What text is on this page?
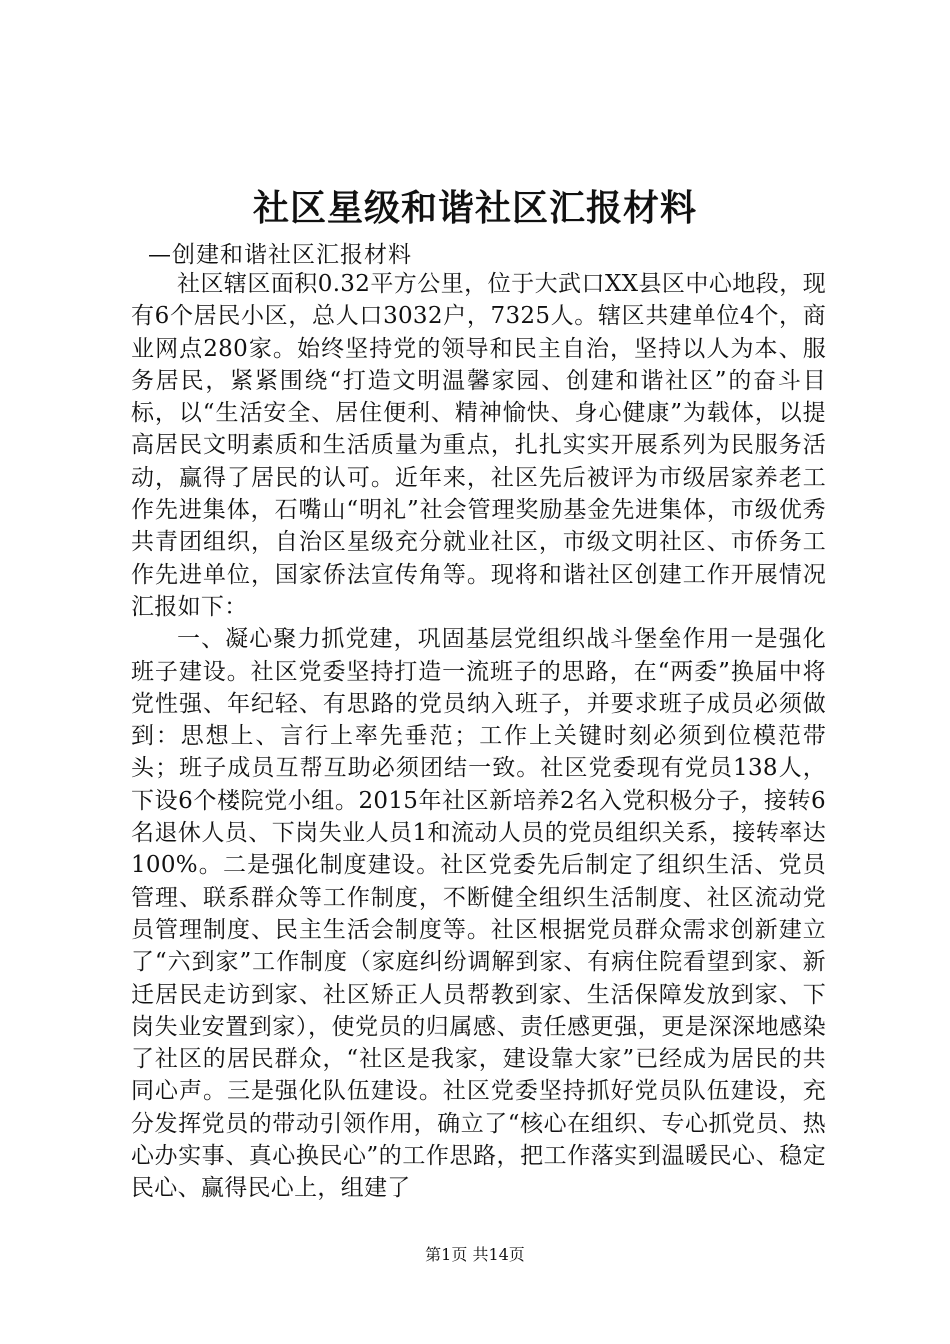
社区星级和谐社区汇报材料
—创建和谐社区汇报材料

社区辖区面积0.32平方公里，位于大武口XX县区中心地段，现有6个居民小区，总人口3032户，7325人。辖区共建单位4个，商业网点280家。始终坚持党的领导和民主自治，坚持以人为本、服务居民，紧紧围绕“打造文明温馨家园、创建和谐社区”的奋斗目标，以“生活安全、居住便利、精神愉快、身心健康”为载体，以提高居民文明素质和生活质量为重点，扎扎实实开展系列为民服务活动，赢得了居民的认可。近年来，社区先后被评为市级居家养老工作先进集体，石嘴山“明礼”社会管理奖励基金先进集体，市级优秀共青团组织，自治区星级充分就业社区，市级文明社区、市侨务工作先进单位，国家侨法宣传角等。现将和谐社区创建工作开展情况汇报如下：

一、凝心聚力抓党建，巩固基层党组织战斗堡垒作用一是强化班子建设。社区党委坚持打造一流班子的思路，在“两委”换届中将党性强、年纪轻、有思路的党员纳入班子，并要求班子成员必须做到：思想上、言行上率先垂范；工作上关键时刻必须到位模范带头；班子成员互帮互助必须团结一致。社区党委现有党员138人，下设6个楼院党小组。2015年社区新培养2名入党积极分子，接转6名退休人员、下岗失业人员1和流动人员的党员组织关系，接转率达100%。二是强化制度建设。社区党委先后制定了组织生活、党员管理、联系群众等工作制度，不断健全组织生活制度、社区流动党员管理制度、民主生活会制度等。社区根据党员群众需求创新建立了“六到家”工作制度（家庭纠纷调解到家、有病住院看望到家、新迁居民走访到家、社区矫正人员帮教到家、生活保障发放到家、下岗失业安置到家），使党员的归属感、责任感更强，更是深深地感染了社区的居民群众，“社区是我家，建设靠大家”已经成为居民的共同心声。三是强化队伍建设。社区党委坚持抓好党员队伍建设，充分发挥党员的带动引领作用，确立了“核心在组织、专心抓党员、热心办实事、真心换民心”的工作思路，把工作落实到温暖民心、稳定民心、赢得民心上，组建了

第1页 共14页
